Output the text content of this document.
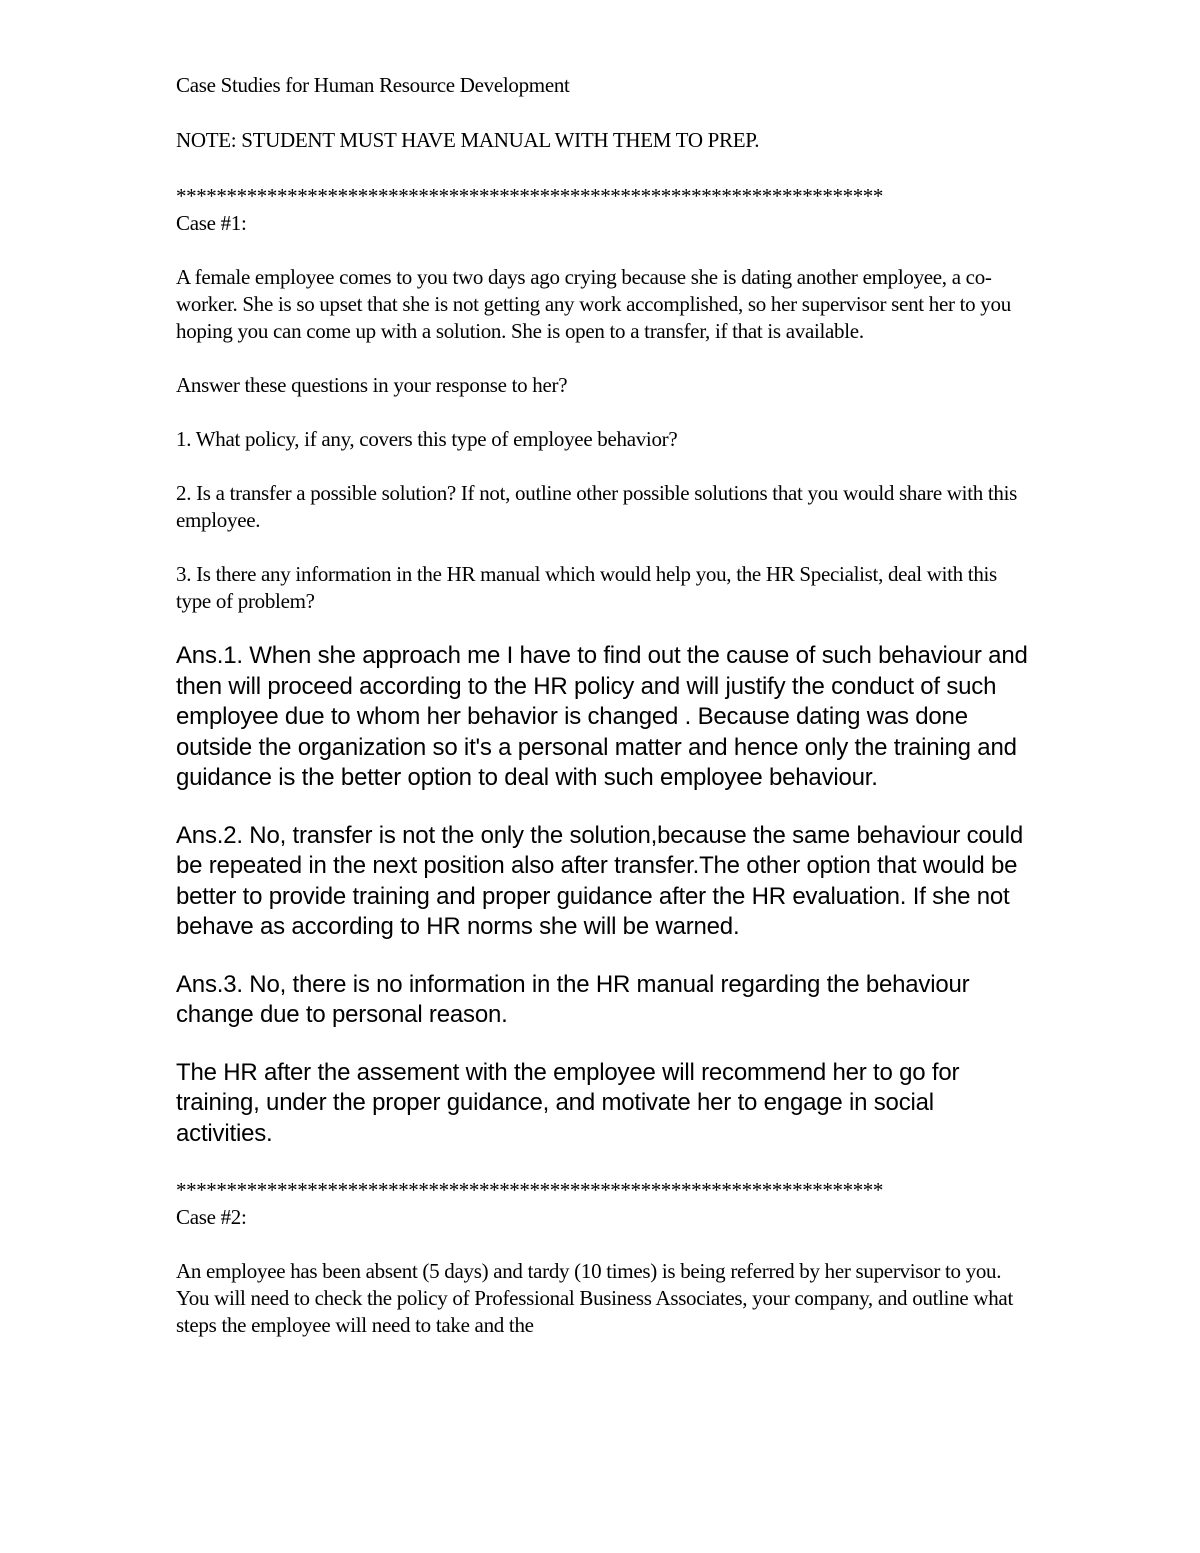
Case Studies for Human Resource Development

NOTE: STUDENT MUST HAVE MANUAL WITH THEM TO PREP.

**********************************************************************

Case #1:

A female employee comes to you two days ago crying because she is dating another employee, a co-worker. She is so upset that she is not getting any work accomplished, so her supervisor sent her to you hoping you can come up with a solution. She is open to a transfer, if that is available.

Answer these questions in your response to her?

1. What policy, if any, covers this type of employee behavior?

2. Is a transfer a possible solution? If not, outline other possible solutions that you would share with this employee.

3. Is there any information in the HR manual which would help you, the HR Specialist, deal with this type of problem?

Ans.1. When she approach me I have to find out the cause of such behaviour and then will proceed according to the HR policy and will justify the conduct of such employee due to whom her behavior is changed . Because dating was done outside the organization so it's a personal matter and hence only the training and guidance is the better option to deal with such employee behaviour.

Ans.2. No, transfer is not the only the solution,because the same behaviour could be repeated in the next position also after transfer.The other option that would be better to provide training and proper guidance after the HR evaluation. If she not behave as according to HR norms she will be warned.

Ans.3. No, there is no information in the HR manual regarding the behaviour change due to personal reason.

The HR after the assement with the employee will recommend her to go for training, under the proper guidance, and motivate her to engage in social activities.

**********************************************************************

Case #2:

An employee has been absent (5 days) and tardy (10 times) is being referred by her supervisor to you. You will need to check the policy of Professional Business Associates, your company, and outline what steps the employee will need to take and the
